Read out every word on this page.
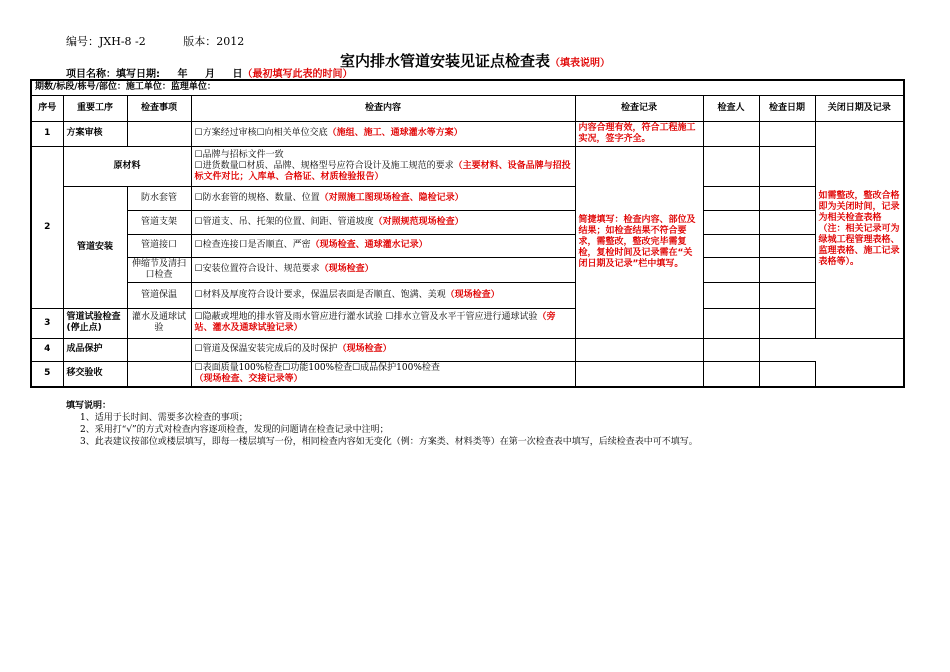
编号：JXH-8 -2	版本：2012
室内排水管道安装见证点检查表（填表说明）
项目名称：填写日期: 年 月 日（最初填写此表的时间）
期数/标段/栋号/部位：施工单位：监理单位：							
序号	重要工序	检查事项	检查内容	检查记录	检查人	检查日期	关闭日期及记录
1	方案审核		☐方案经过审核☐向相关单位交底（施组、施工、通球灌水等方案）	内容合理有效，符合工程施工实况，签字齐全。			如需整改，整改合格即为关闭时间，记录为相关检查表格（注：相关记录可为绿城工程管理表格、监理表格、施工记录表格等）。
2	原材料		☐品牌与招标文件一致
☐进货数量☐材质、品牌、规格型号应符合设计及施工规范的要求（主要材料、设备品牌与招投标文件对比；入库单、合格证、材质检验报告）	简捷填写：检查内容、部位及结果；如检查结果不符合要求，需整改，整改完毕需复检，复检时间及记录需在“关闭日期及记录”栏中填写。			
	管道安装	防水套管	☐防水套管的规格、数量、位置（对照施工图现场检查、隐检记录）				
		管道支架	☐管道支、吊、托架的位置、间距、管道坡度（对照规范现场检查）				
		管道接口	☐检查连接口是否顺直、严密（现场检查、通球灌水记录）				
		伸缩节及清扫口检查	☐安装位置符合设计、规范要求（现场检查）				
		管道保温	☐材料及厚度符合设计要求，保温层表面是否顺直、饱满、美观（现场检查）				
3	管道试验检查(停止点)	灌水及通球试验	☐隐蔽或埋地的排水管及雨水管应进行灌水试验 ☐排水立管及水平干管应进行通球试验（旁站、灌水及通球试验记录）				
4	成品保护		☐管道及保温安装完成后的及时保护（现场检查）				
5	移交验收		☐表面质量100%检查☐功能100%检查☐成品保护100%检查
（现场检查、交接记录等）				
填写说明：
1、适用于长时间、需要多次检查的事项；
2、采用打“√”的方式对检查内容逐项检查，发现的问题请在检查记录中注明；
3、此表建议按部位或楼层填写，即每一楼层填写一份，相同检查内容如无变化（例：方案类、材料类等）在第一次检查表中填写，后续检查表中可不填写。
